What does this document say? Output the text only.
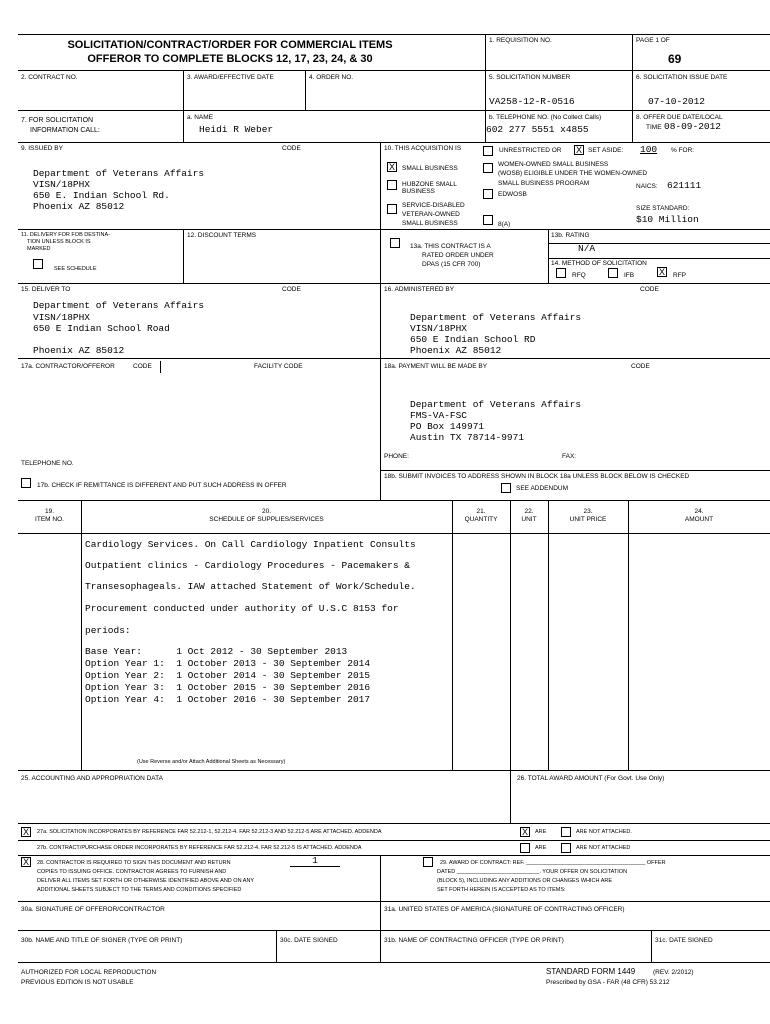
SOLICITATION/CONTRACT/ORDER FOR COMMERCIAL ITEMS
OFFEROR TO COMPLETE BLOCKS 12, 17, 23, 24, & 30
1. REQUISITION NO.	PAGE 1 OF
69
2. CONTRACT NO.	3. AWARD/EFFECTIVE DATE	4. ORDER NO.	5. SOLICITATION NUMBER
VA258-12-R-0516
6. SOLICITATION ISSUE DATE
07-10-2012
7. FOR SOLICITATION
INFORMATION CALL:
a. NAME
Heidi R Weber
b. TELEPHONE NO. (No Collect Calls)
602 277 5551 x4855
8. OFFER DUE DATE/LOCAL
TIME 08-09-2012
9. ISSUED BY	CODE
Department of Veterans Affairs
VISN/18PHX
650 E. Indian School Rd.
Phoenix AZ 85012
10. THIS ACQUISITION IS	UNRESTRICTED OR X SET ASIDE: 100 % FOR:
X	SMALL BUSINESS
HUBZONE SMALL
BUSINESS
SERVICE-DISABLED
VETERAN-OWNED
SMALL BUSINESS
WOMEN-OWNED SMALL BUSINESS
(WOSB) ELIGIBLE UNDER THE WOMEN-OWNED
SMALL BUSINESS PROGRAM
EDWOSB
8(A)
NAICS: 621111
SIZE STANDARD:
$10 Million
11. DELIVERY FOR FOB DESTINA-
TION UNLESS BLOCK IS
MARKED
SEE SCHEDULE
12. DISCOUNT TERMS
13a. THIS CONTRACT IS A
RATED ORDER UNDER
DPAS (15 CFR 700)
13b. RATING
N/A
14. METHOD OF SOLICITATION
RFQ	IFB	X	RFP
15. DELIVER TO	CODE
Department of Veterans Affairs
VISN/18PHX
650 E Indian School Road
Phoenix AZ 85012
16. ADMINISTERED BY	CODE
Department of Veterans Affairs
VISN/18PHX
650 E Indian School RD
Phoenix AZ 85012
17a. CONTRACTOR/OFFEROR	CODE	FACILITY CODE
TELEPHONE NO.
17b. CHECK IF REMITTANCE IS DIFFERENT AND PUT SUCH ADDRESS IN OFFER
18a. PAYMENT WILL BE MADE BY	CODE
Department of Veterans Affairs
FMS-VA-FSC
PO Box 149971
Austin TX 78714-9971
PHONE:	FAX:
18b. SUBMIT INVOICES TO ADDRESS SHOWN IN BLOCK 18a UNLESS BLOCK BELOW IS CHECKED
SEE ADDENDUM
19.
ITEM NO.
20.
SCHEDULE OF SUPPLIES/SERVICES
21.
QUANTITY
22.
UNIT
23.
UNIT PRICE
24.
AMOUNT
Cardiology Services. On Call Cardiology Inpatient Consults
Outpatient clinics - Cardiology Procedures - Pacemakers &
Transesophageals. IAW attached Statement of Work/Schedule.
Procurement conducted under authority of U.S.C 8153 for
periods:
Base Year:      1 Oct 2012 - 30 September 2013
Option Year 1:  1 October 2013 - 30 September 2014
Option Year 2:  1 October 2014 - 30 September 2015
Option Year 3:  1 October 2015 - 30 September 2016
Option Year 4:  1 October 2016 - 30 September 2017
(Use Reverse and/or Attach Additional Sheets as Necessary)
25. ACCOUNTING AND APPROPRIATION DATA	26. TOTAL AWARD AMOUNT (For Govt. Use Only)
X	27a. SOLICITATION INCORPORATES BY REFERENCE FAR 52.212-1, 52.212-4. FAR 52.212-3 AND 52.212-5 ARE ATTACHED. ADDENDA	X	ARE	ARE NOT ATTACHED.
27b. CONTRACT/PURCHASE ORDER INCORPORATES BY REFERENCE FAR 52.212-4. FAR 52.212-5 IS ATTACHED. ADDENDA	ARE	ARE NOT ATTACHED
X	28. CONTRACTOR IS REQUIRED TO SIGN THIS DOCUMENT AND RETURN	1
COPIES TO ISSUING OFFICE. CONTRACTOR AGREES TO FURNISH AND
DELIVER ALL ITEMS SET FORTH OR OTHERWISE IDENTIFIED ABOVE AND ON ANY
ADDITIONAL SHEETS SUBJECT TO THE TERMS AND CONDITIONS SPECIFIED
29. AWARD OF CONTRACT: REF. _______________________________________ OFFER
DATED ___________________________. YOUR OFFER ON SOLICITATION
(BLOCK 5), INCLUDING ANY ADDITIONS OR CHANGES WHICH ARE
SET FORTH HEREIN IS ACCEPTED AS TO ITEMS:
30a. SIGNATURE OF OFFEROR/CONTRACTOR	31a. UNITED STATES OF AMERICA (SIGNATURE OF CONTRACTING OFFICER)
30b. NAME AND TITLE OF SIGNER (TYPE OR PRINT)	30c. DATE SIGNED	31b. NAME OF CONTRACTING OFFICER (TYPE OR PRINT)	31c. DATE SIGNED
AUTHORIZED FOR LOCAL REPRODUCTION
PREVIOUS EDITION IS NOT USABLE
STANDARD FORM 1449	(REV. 2/2012)
Prescribed by GSA - FAR (48 CFR) 53.212
